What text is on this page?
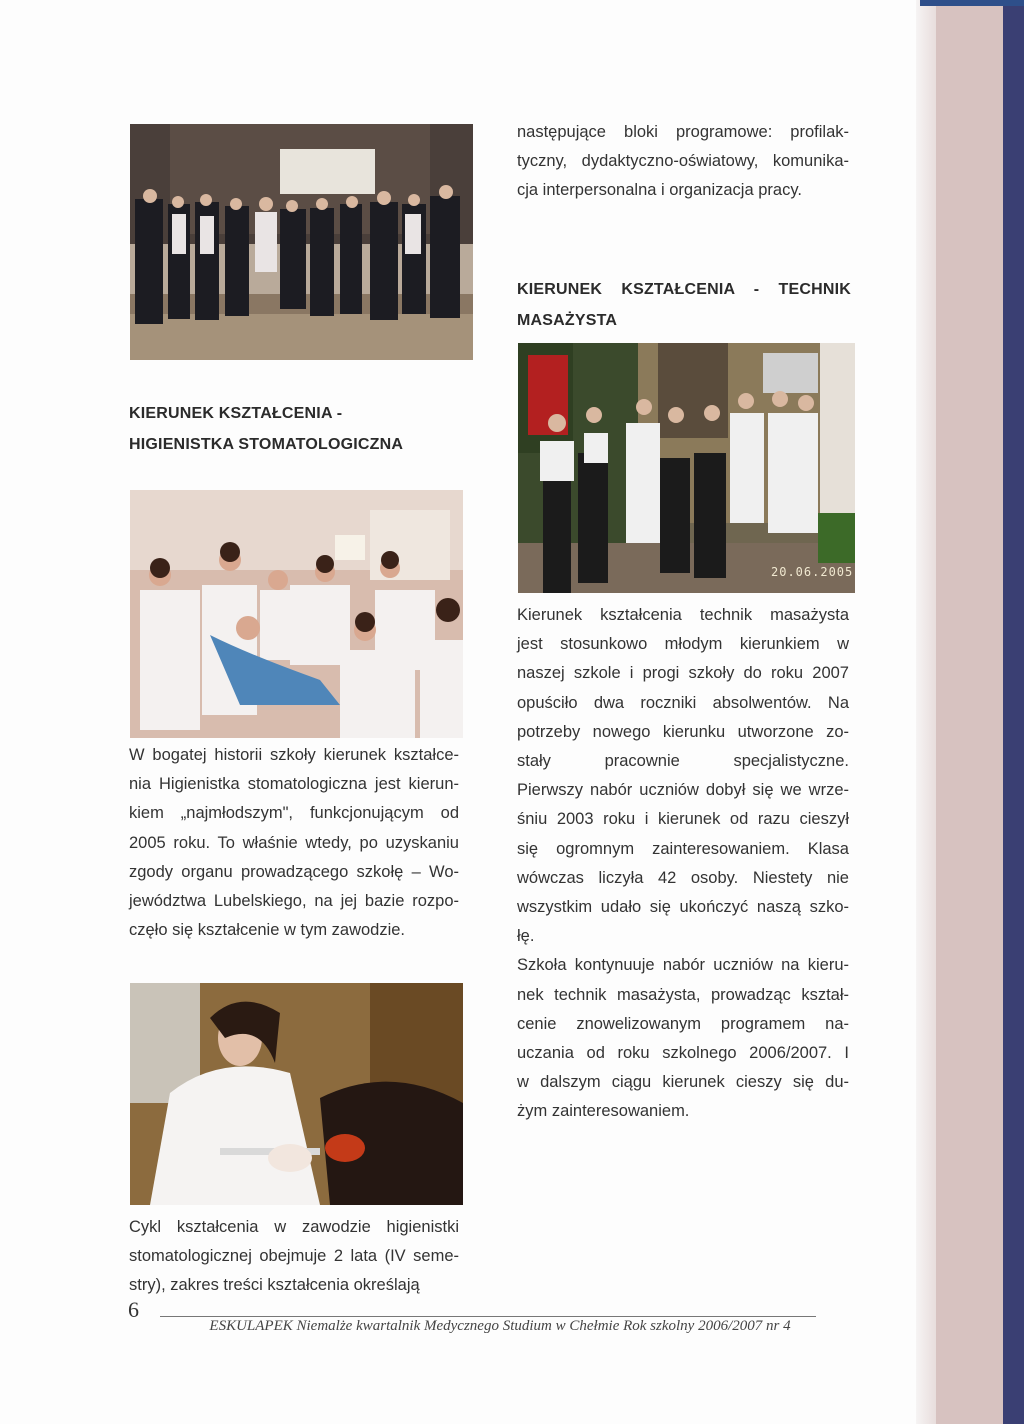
następujące bloki programowe: profilak-
tyczny, dydaktyczno-oświatowy, komunika-
cja interpersonalna i organizacja pracy.

KIERUNEK KSZTAŁCENIA - TECHNIK
MASAŻYSTA
20.06.2005
KIERUNEK KSZTAŁCENIA -
HIGIENISTKA STOMATOLOGICZNA

W bogatej historii szkoły kierunek kształce-
nia Higienistka stomatologiczna jest kierun-
kiem „najmłodszym", funkcjonującym od
2005 roku. To właśnie wtedy, po uzyskaniu
zgody organu prowadzącego szkołę – Wo-
jewództwa Lubelskiego, na jej bazie rozpo-
częło się kształcenie w tym zawodzie.

Cykl kształcenia w zawodzie higienistki
stomatologicznej obejmuje 2 lata (IV seme-
stry), zakres treści kształcenia określają

Kierunek kształcenia technik masażysta
jest stosunkowo młodym kierunkiem w
naszej szkole i progi szkoły do roku 2007
opuściło dwa roczniki absolwentów. Na
potrzeby nowego kierunku utworzone zo-
stały pracownie specjalistyczne.
Pierwszy nabór uczniów dobył się we wrze-
śniu 2003 roku i kierunek od razu cieszył
się ogromnym zainteresowaniem. Klasa
wówczas liczyła 42 osoby. Niestety nie
wszystkim udało się ukończyć naszą szko-
łę.
Szkoła kontynuuje nabór uczniów na kieru-
nek technik masażysta, prowadząc kształ-
cenie znowelizowanym programem na-
uczania od roku szkolnego 2006/2007. I
w dalszym ciągu kierunek cieszy się du-
żym zainteresowaniem.

6
ESKULAPEK Niemalże kwartalnik Medycznego Studium w Chełmie Rok szkolny 2006/2007 nr 4
